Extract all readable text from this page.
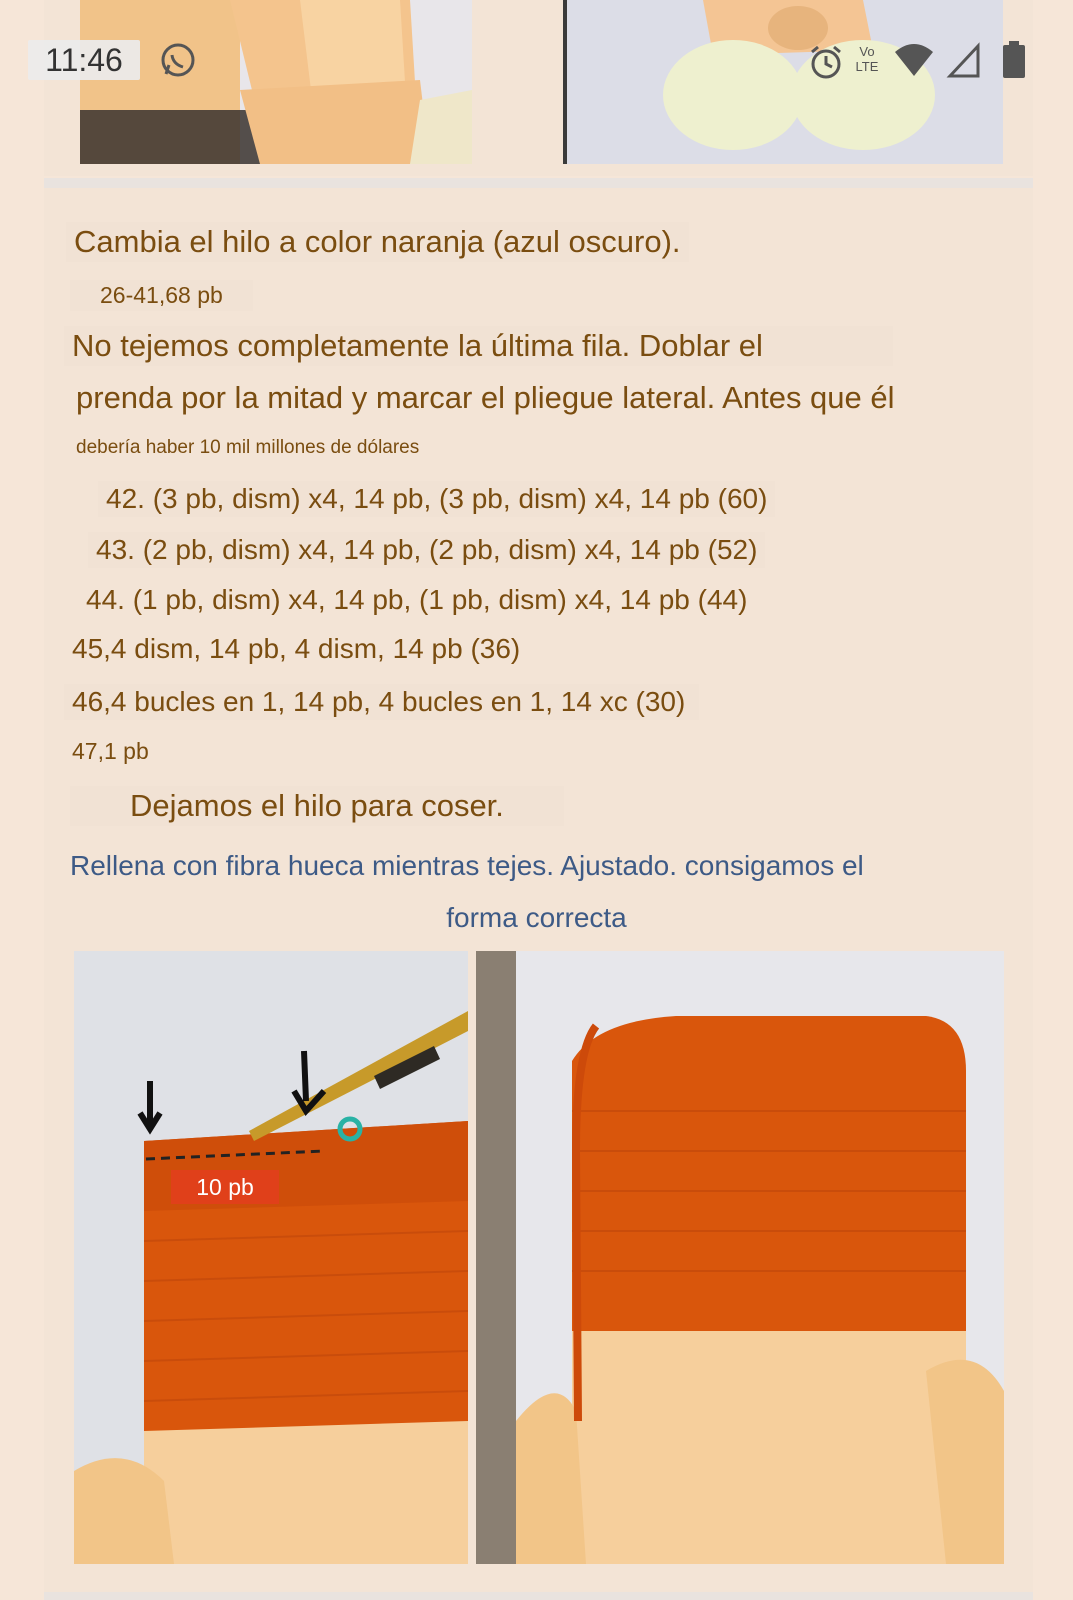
11:46	Vo
LTE
Cambia el hilo a color naranja (azul oscuro).
26-41,68 pb
No tejemos completamente la última fila. Doblar el
prenda por la mitad y marcar el pliegue lateral. Antes que él
debería haber 10 mil millones de dólares
42. (3 pb, dism) x4, 14 pb, (3 pb, dism) x4, 14 pb (60)
43. (2 pb, dism) x4, 14 pb, (2 pb, dism) x4, 14 pb (52)
44. (1 pb, dism) x4, 14 pb, (1 pb, dism) x4, 14 pb (44)
45,4 dism, 14 pb, 4 dism, 14 pb (36)
46,4 bucles en 1, 14 pb, 4 bucles en 1, 14 xc (30)
47,1 pb
Dejamos el hilo para coser.
Rellena con fibra hueca mientras tejes. Ajustado. consigamos el
forma correcta
10 pb
